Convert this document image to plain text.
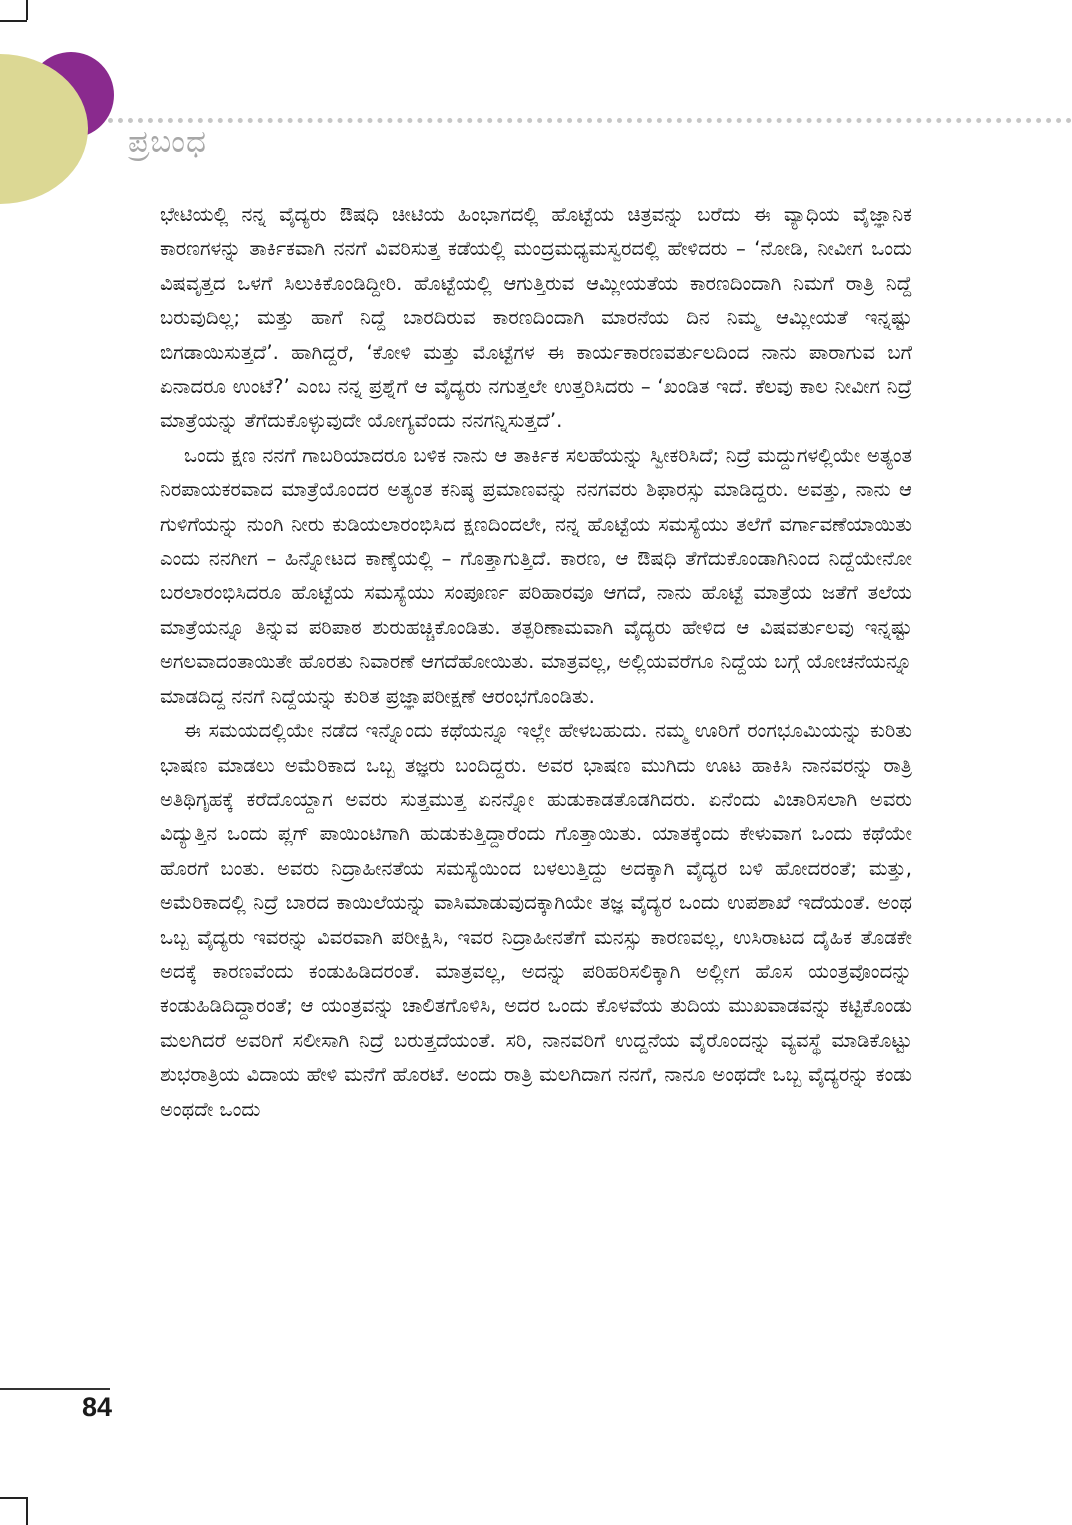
ಪ್ರಬಂಧ

ಭೇಟಿಯಲ್ಲಿ ನನ್ನ ವೈದ್ಯರು ಔಷಧಿ ಚೀಟಿಯ ಹಿಂಭಾಗದಲ್ಲಿ ಹೊಟ್ಟೆಯ ಚಿತ್ರವನ್ನು ಬರೆದು ಈ ವ್ಯಾಧಿಯ ವೈಜ್ಞಾನಿಕ ಕಾರಣಗಳನ್ನು ತಾರ್ಕಿಕವಾಗಿ ನನಗೆ ವಿವರಿಸುತ್ತ ಕಡೆಯಲ್ಲಿ ಮಂದ್ರಮಧ್ಯಮಸ್ವರದಲ್ಲಿ ಹೇಳಿದರು – ‘ನೋಡಿ, ನೀವೀಗ ಒಂದು ವಿಷವೃತ್ತದ ಒಳಗೆ ಸಿಲುಕಿಕೊಂಡಿದ್ದೀರಿ. ಹೊಟ್ಟೆಯಲ್ಲಿ ಆಗುತ್ತಿರುವ ಆಮ್ಲೀಯತೆಯ ಕಾರಣದಿಂದಾಗಿ ನಿಮಗೆ ರಾತ್ರಿ ನಿದ್ದೆ ಬರುವುದಿಲ್ಲ; ಮತ್ತು ಹಾಗೆ ನಿದ್ದೆ ಬಾರದಿರುವ ಕಾರಣದಿಂದಾಗಿ ಮಾರನೆಯ ದಿನ ನಿಮ್ಮ ಆಮ್ಲೀಯತೆ ಇನ್ನಷ್ಟು ಬಿಗಡಾಯಿಸುತ್ತದೆ’. ಹಾಗಿದ್ದರೆ, ‘ಕೋಳಿ ಮತ್ತು ಮೊಟ್ಟೆಗಳ ಈ ಕಾರ್ಯಕಾರಣವರ್ತುಲದಿಂದ ನಾನು ಪಾರಾಗುವ ಬಗೆ ಏನಾದರೂ ಉಂಟೆ?’ ಎಂಬ ನನ್ನ ಪ್ರಶ್ನೆಗೆ ಆ ವೈದ್ಯರು ನಗುತ್ತಲೇ ಉತ್ತರಿಸಿದರು – ‘ಖಂಡಿತ ಇದೆ. ಕೆಲವು ಕಾಲ ನೀವೀಗ ನಿದ್ರೆ ಮಾತ್ರೆಯನ್ನು ತೆಗೆದುಕೊಳ್ಳುವುದೇ ಯೋಗ್ಯವೆಂದು ನನಗನ್ನಿಸುತ್ತದೆ’.

ಒಂದು ಕ್ಷಣ ನನಗೆ ಗಾಬರಿಯಾದರೂ ಬಳಿಕ ನಾನು ಆ ತಾರ್ಕಿಕ ಸಲಹೆಯನ್ನು ಸ್ವೀಕರಿಸಿದೆ; ನಿದ್ರೆ ಮದ್ದುಗಳಲ್ಲಿಯೇ ಅತ್ಯಂತ ನಿರಪಾಯಕರವಾದ ಮಾತ್ರೆಯೊಂದರ ಅತ್ಯಂತ ಕನಿಷ್ಠ ಪ್ರಮಾಣವನ್ನು ನನಗವರು ಶಿಫಾರಸ್ಸು ಮಾಡಿದ್ದರು. ಅವತ್ತು, ನಾನು ಆ ಗುಳಿಗೆಯನ್ನು ನುಂಗಿ ನೀರು ಕುಡಿಯಲಾರಂಭಿಸಿದ ಕ್ಷಣದಿಂದಲೇ, ನನ್ನ ಹೊಟ್ಟೆಯ ಸಮಸ್ಯೆಯು ತಲೆಗೆ ವರ್ಗಾವಣೆಯಾಯಿತು ಎಂದು ನನಗೀಗ – ಹಿನ್ನೋಟದ ಕಾಣ್ಕೆಯಲ್ಲಿ – ಗೊತ್ತಾಗುತ್ತಿದೆ. ಕಾರಣ, ಆ ಔಷಧಿ ತೆಗೆದುಕೊಂಡಾಗಿನಿಂದ ನಿದ್ದೆಯೇನೋ ಬರಲಾರಂಭಿಸಿದರೂ ಹೊಟ್ಟೆಯ ಸಮಸ್ಯೆಯು ಸಂಪೂರ್ಣ ಪರಿಹಾರವೂ ಆಗದೆ, ನಾನು ಹೊಟ್ಟೆ ಮಾತ್ರೆಯ ಜತೆಗೆ ತಲೆಯ ಮಾತ್ರೆಯನ್ನೂ ತಿನ್ನುವ ಪರಿಪಾಠ ಶುರುಹಚ್ಚಿಕೊಂಡಿತು. ತತ್ಪರಿಣಾಮವಾಗಿ ವೈದ್ಯರು ಹೇಳಿದ ಆ ವಿಷವರ್ತುಲವು ಇನ್ನಷ್ಟು ಅಗಲವಾದಂತಾಯಿತೇ ಹೊರತು ನಿವಾರಣೆ ಆಗದೆಹೋಯಿತು. ಮಾತ್ರವಲ್ಲ, ಅಲ್ಲಿಯವರೆಗೂ ನಿದ್ದೆಯ ಬಗ್ಗೆ ಯೋಚನೆಯನ್ನೂ ಮಾಡದಿದ್ದ ನನಗೆ ನಿದ್ದೆಯನ್ನು ಕುರಿತ ಪ್ರಜ್ಞಾಪರೀಕ್ಷಣೆ ಆರಂಭಗೊಂಡಿತು.

ಈ ಸಮಯದಲ್ಲಿಯೇ ನಡೆದ ಇನ್ನೊಂದು ಕಥೆಯನ್ನೂ ಇಲ್ಲೇ ಹೇಳಬಹುದು. ನಮ್ಮ ಊರಿಗೆ ರಂಗಭೂಮಿಯನ್ನು ಕುರಿತು ಭಾಷಣ ಮಾಡಲು ಅಮೆರಿಕಾದ ಒಬ್ಬ ತಜ್ಞರು ಬಂದಿದ್ದರು. ಅವರ ಭಾಷಣ ಮುಗಿದು ಊಟ ಹಾಕಿಸಿ ನಾನವರನ್ನು ರಾತ್ರಿ ಅತಿಥಿಗೃಹಕ್ಕೆ ಕರೆದೊಯ್ದಾಗ ಅವರು ಸುತ್ತಮುತ್ತ ಏನನ್ನೋ ಹುಡುಕಾಡತೊಡಗಿದರು. ಏನೆಂದು ವಿಚಾರಿಸಲಾಗಿ ಅವರು ವಿದ್ಯುತ್ತಿನ ಒಂದು ಪ್ಲಗ್ ಪಾಯಿಂಟಿಗಾಗಿ ಹುಡುಕುತ್ತಿದ್ದಾರೆಂದು ಗೊತ್ತಾಯಿತು. ಯಾತಕ್ಕೆಂದು ಕೇಳುವಾಗ ಒಂದು ಕಥೆಯೇ ಹೊರಗೆ ಬಂತು. ಅವರು ನಿದ್ರಾಹೀನತೆಯ ಸಮಸ್ಯೆಯಿಂದ ಬಳಲುತ್ತಿದ್ದು ಅದಕ್ಕಾಗಿ ವೈದ್ಯರ ಬಳಿ ಹೋದರಂತೆ; ಮತ್ತು, ಅಮೆರಿಕಾದಲ್ಲಿ ನಿದ್ರೆ ಬಾರದ ಕಾಯಿಲೆಯನ್ನು ವಾಸಿಮಾಡುವುದಕ್ಕಾಗಿಯೇ ತಜ್ಞ ವೈದ್ಯರ ಒಂದು ಉಪಶಾಖೆ ಇದೆಯಂತೆ. ಅಂಥ ಒಬ್ಬ ವೈದ್ಯರು ಇವರನ್ನು ವಿವರವಾಗಿ ಪರೀಕ್ಷಿಸಿ, ಇವರ ನಿದ್ರಾಹೀನತೆಗೆ ಮನಸ್ಸು ಕಾರಣವಲ್ಲ, ಉಸಿರಾಟದ ದೈಹಿಕ ತೊಡಕೇ ಅದಕ್ಕೆ ಕಾರಣವೆಂದು ಕಂಡುಹಿಡಿದರಂತೆ. ಮಾತ್ರವಲ್ಲ, ಅದನ್ನು ಪರಿಹರಿಸಲಿಕ್ಕಾಗಿ ಅಲ್ಲೀಗ ಹೊಸ ಯಂತ್ರವೊಂದನ್ನು ಕಂಡುಹಿಡಿದಿದ್ದಾರಂತೆ; ಆ ಯಂತ್ರವನ್ನು ಚಾಲಿತಗೊಳಿಸಿ, ಅದರ ಒಂದು ಕೊಳವೆಯ ತುದಿಯ ಮುಖವಾಡವನ್ನು ಕಟ್ಟಿಕೊಂಡು ಮಲಗಿದರೆ ಅವರಿಗೆ ಸಲೀಸಾಗಿ ನಿದ್ರೆ ಬರುತ್ತದೆಯಂತೆ. ಸರಿ, ನಾನವರಿಗೆ ಉದ್ದನೆಯ ವೈರೊಂದನ್ನು ವ್ಯವಸ್ಥೆ ಮಾಡಿಕೊಟ್ಟು ಶುಭರಾತ್ರಿಯ ವಿದಾಯ ಹೇಳಿ ಮನೆಗೆ ಹೊರಟೆ. ಅಂದು ರಾತ್ರಿ ಮಲಗಿದಾಗ ನನಗೆ, ನಾನೂ ಅಂಥದೇ ಒಬ್ಬ ವೈದ್ಯರನ್ನು ಕಂಡು ಅಂಥದೇ ಒಂದು

84
